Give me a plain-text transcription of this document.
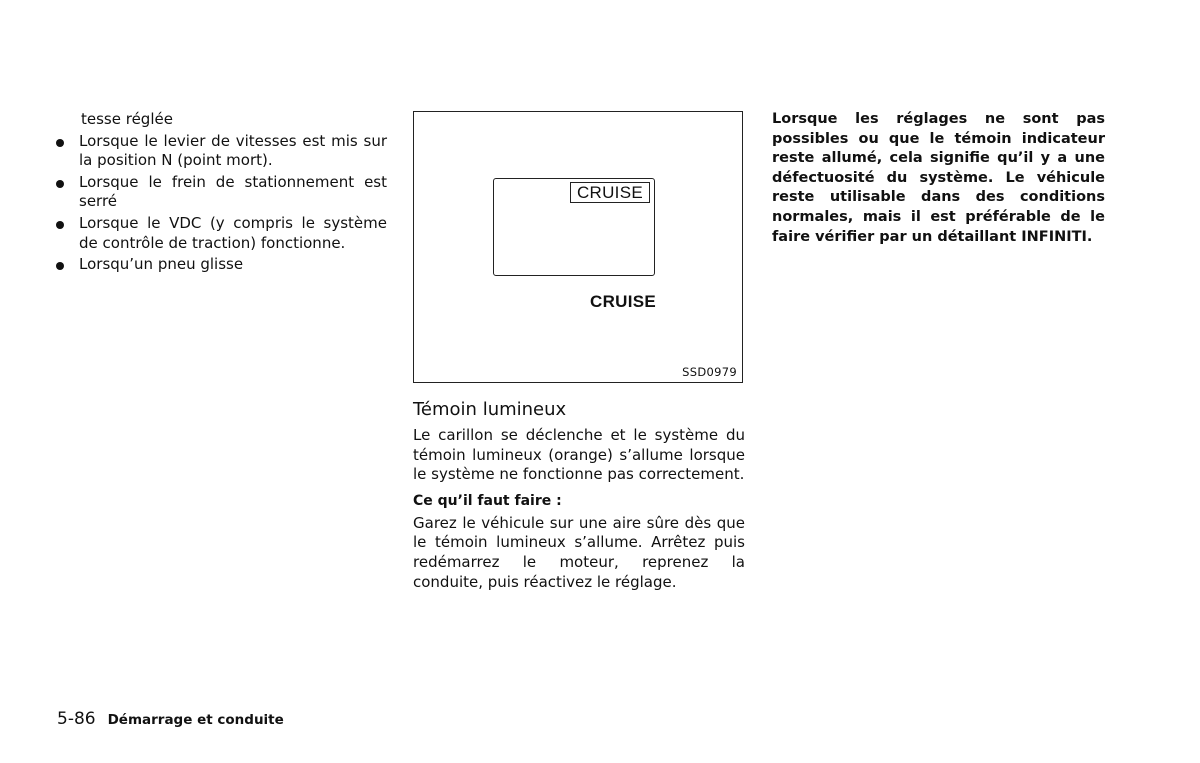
tesse réglée

Lorsque le levier de vitesses est mis sur la position N (point mort).
Lorsque le frein de stationnement est serré
Lorsque le VDC (y compris le système de contrôle de traction) fonctionne.
Lorsqu’un pneu glisse
CRUISE
CRUISE
SSD0979
Témoin lumineux

Le carillon se déclenche et le système du témoin lumineux (orange) s’allume lorsque le système ne fonctionne pas correctement.

Ce qu’il faut faire :

Garez le véhicule sur une aire sûre dès que le témoin lumineux s’allume. Arrêtez puis redémarrez le moteur, reprenez la conduite, puis réactivez le réglage.

Lorsque les réglages ne sont pas possibles ou que le témoin indicateur reste allumé, cela signifie qu’il y a une défectuosité du système. Le véhicule reste utilisable dans des conditions normales, mais il est préférable de le faire vérifier par un détaillant INFINITI.

5-86 Démarrage et conduite
